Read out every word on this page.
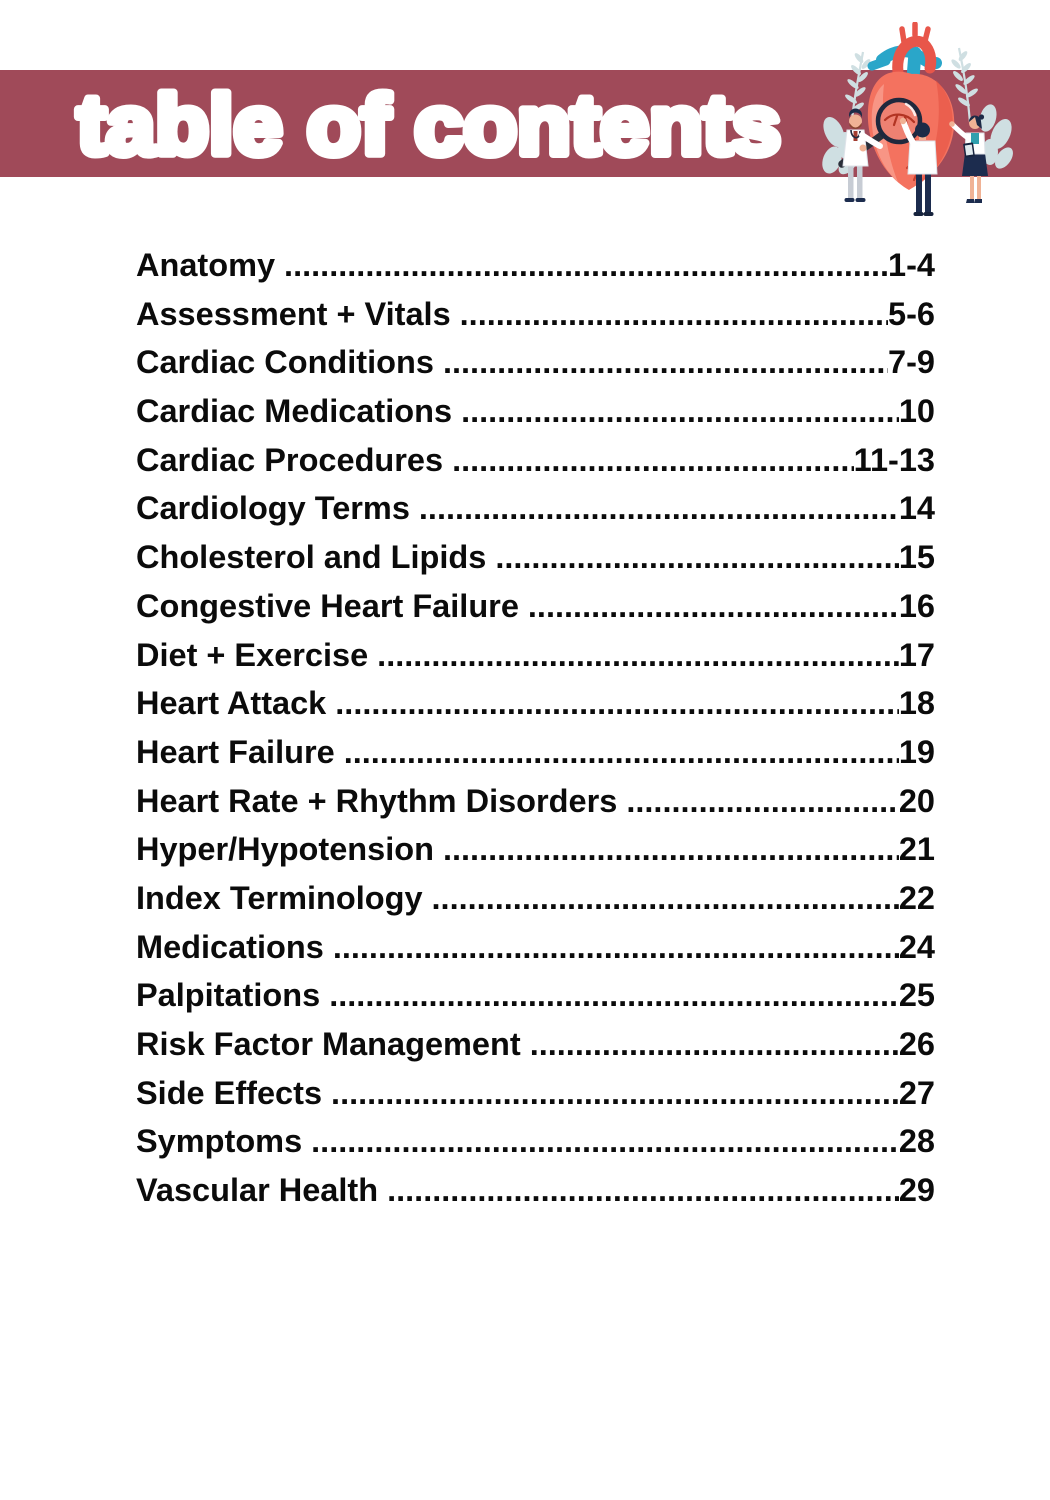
table of contents
Anatomy .....	1-4
Assessment + Vitals .....	5-6
Cardiac Conditions .....	7-9
Cardiac Medications .....	10
Cardiac Procedures .....	11-13
Cardiology Terms .....	14
Cholesterol and Lipids .....	15
Congestive Heart Failure .....	16
Diet + Exercise .....	17
Heart Attack .....	18
Heart Failure .....	19
Heart Rate + Rhythm Disorders .....	20
Hyper/Hypotension .....	21
Index Terminology .....	22
Medications .....	24
Palpitations .....	25
Risk Factor Management .....	26
Side Effects .....	27
Symptoms .....	28
Vascular Health .....	29
